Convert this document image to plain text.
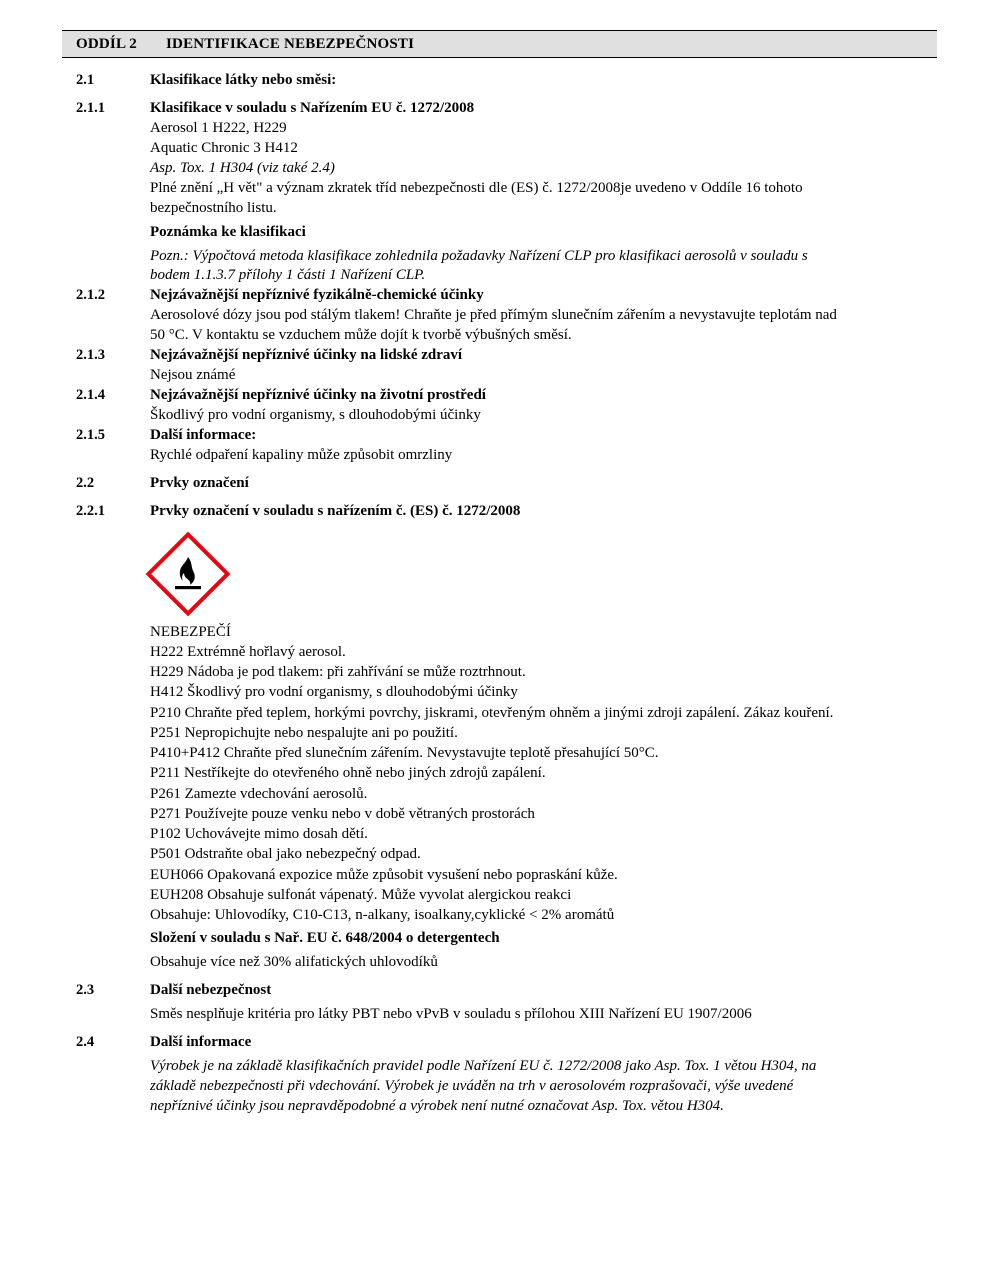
ODDÍL 2	IDENTIFIKACE NEBEZPEČNOSTI
2.1	Klasifikace látky nebo směsi:
2.1.1	Klasifikace v souladu s Nařízením EU č. 1272/2008
Aerosol 1 H222, H229
Aquatic Chronic 3 H412
Asp. Tox. 1 H304 (viz také 2.4)
Plné znění „H vět" a význam zkratek tříd nebezpečnosti dle (ES) č. 1272/2008je uvedeno v Oddíle 16 tohoto
bezpečnostního listu.
Poznámka ke klasifikaci
Pozn.: Výpočtová metoda klasifikace zohlednila požadavky Nařízení CLP pro klasifikaci aerosolů v souladu s
bodem 1.1.3.7 přílohy 1 části 1 Nařízení CLP.
2.1.2	Nejzávažnější nepříznivé fyzikálně-chemické účinky
Aerosolové dózy jsou pod stálým tlakem! Chraňte je před přímým slunečním zářením a nevystavujte teplotám nad
50 °C. V kontaktu se vzduchem může dojít k tvorbě výbušných směsí.
2.1.3	Nejzávažnější nepříznivé účinky na lidské zdraví
Nejsou známé
2.1.4	Nejzávažnější nepříznivé účinky na životní prostředí
Škodlivý pro vodní organismy, s dlouhodobými účinky
2.1.5	Další informace:
Rychlé odpaření kapaliny může způsobit omrzliny
2.2	Prvky označení
2.2.1	Prvky označení v souladu s nařízením č. (ES) č. 1272/2008
NEBEZPEČÍ
H222 Extrémně hořlavý aerosol.
H229 Nádoba je pod tlakem: při zahřívání se může roztrhnout.
H412 Škodlivý pro vodní organismy, s dlouhodobými účinky
P210 Chraňte před teplem, horkými povrchy, jiskrami, otevřeným ohněm a jinými zdroji zapálení. Zákaz kouření.
P251 Nepropichujte nebo nespalujte ani po použití.
P410+P412 Chraňte před slunečním zářením. Nevystavujte teplotě přesahující 50°C.
P211 Nestříkejte do otevřeného ohně nebo jiných zdrojů zapálení.
P261 Zamezte vdechování aerosolů.
P271 Používejte pouze venku nebo v době větraných prostorách
P102 Uchovávejte mimo dosah dětí.
P501 Odstraňte obal jako nebezpečný odpad.
EUH066 Opakovaná expozice může způsobit vysušení nebo popraskání kůže.
EUH208 Obsahuje sulfonát vápenatý. Může vyvolat alergickou reakci
Obsahuje: Uhlovodíky, C10-C13, n-alkany, isoalkany,cyklické < 2% aromátů
Složení v souladu s Nař. EU č. 648/2004 o detergentech
Obsahuje více než 30% alifatických uhlovodíků
2.3	Další nebezpečnost
Směs nesplňuje kritéria pro látky PBT nebo vPvB v souladu s přílohou XIII Nařízení EU 1907/2006
2.4	Další informace
Výrobek je na základě klasifikačních pravidel podle Nařízení EU č. 1272/2008 jako Asp. Tox. 1 větou H304, na
základě nebezpečnosti při vdechování. Výrobek je uváděn na trh v aerosolovém rozprašovači, výše uvedené
nepříznivé účinky jsou nepravděpodobné a výrobek není nutné označovat Asp. Tox. větou H304.
